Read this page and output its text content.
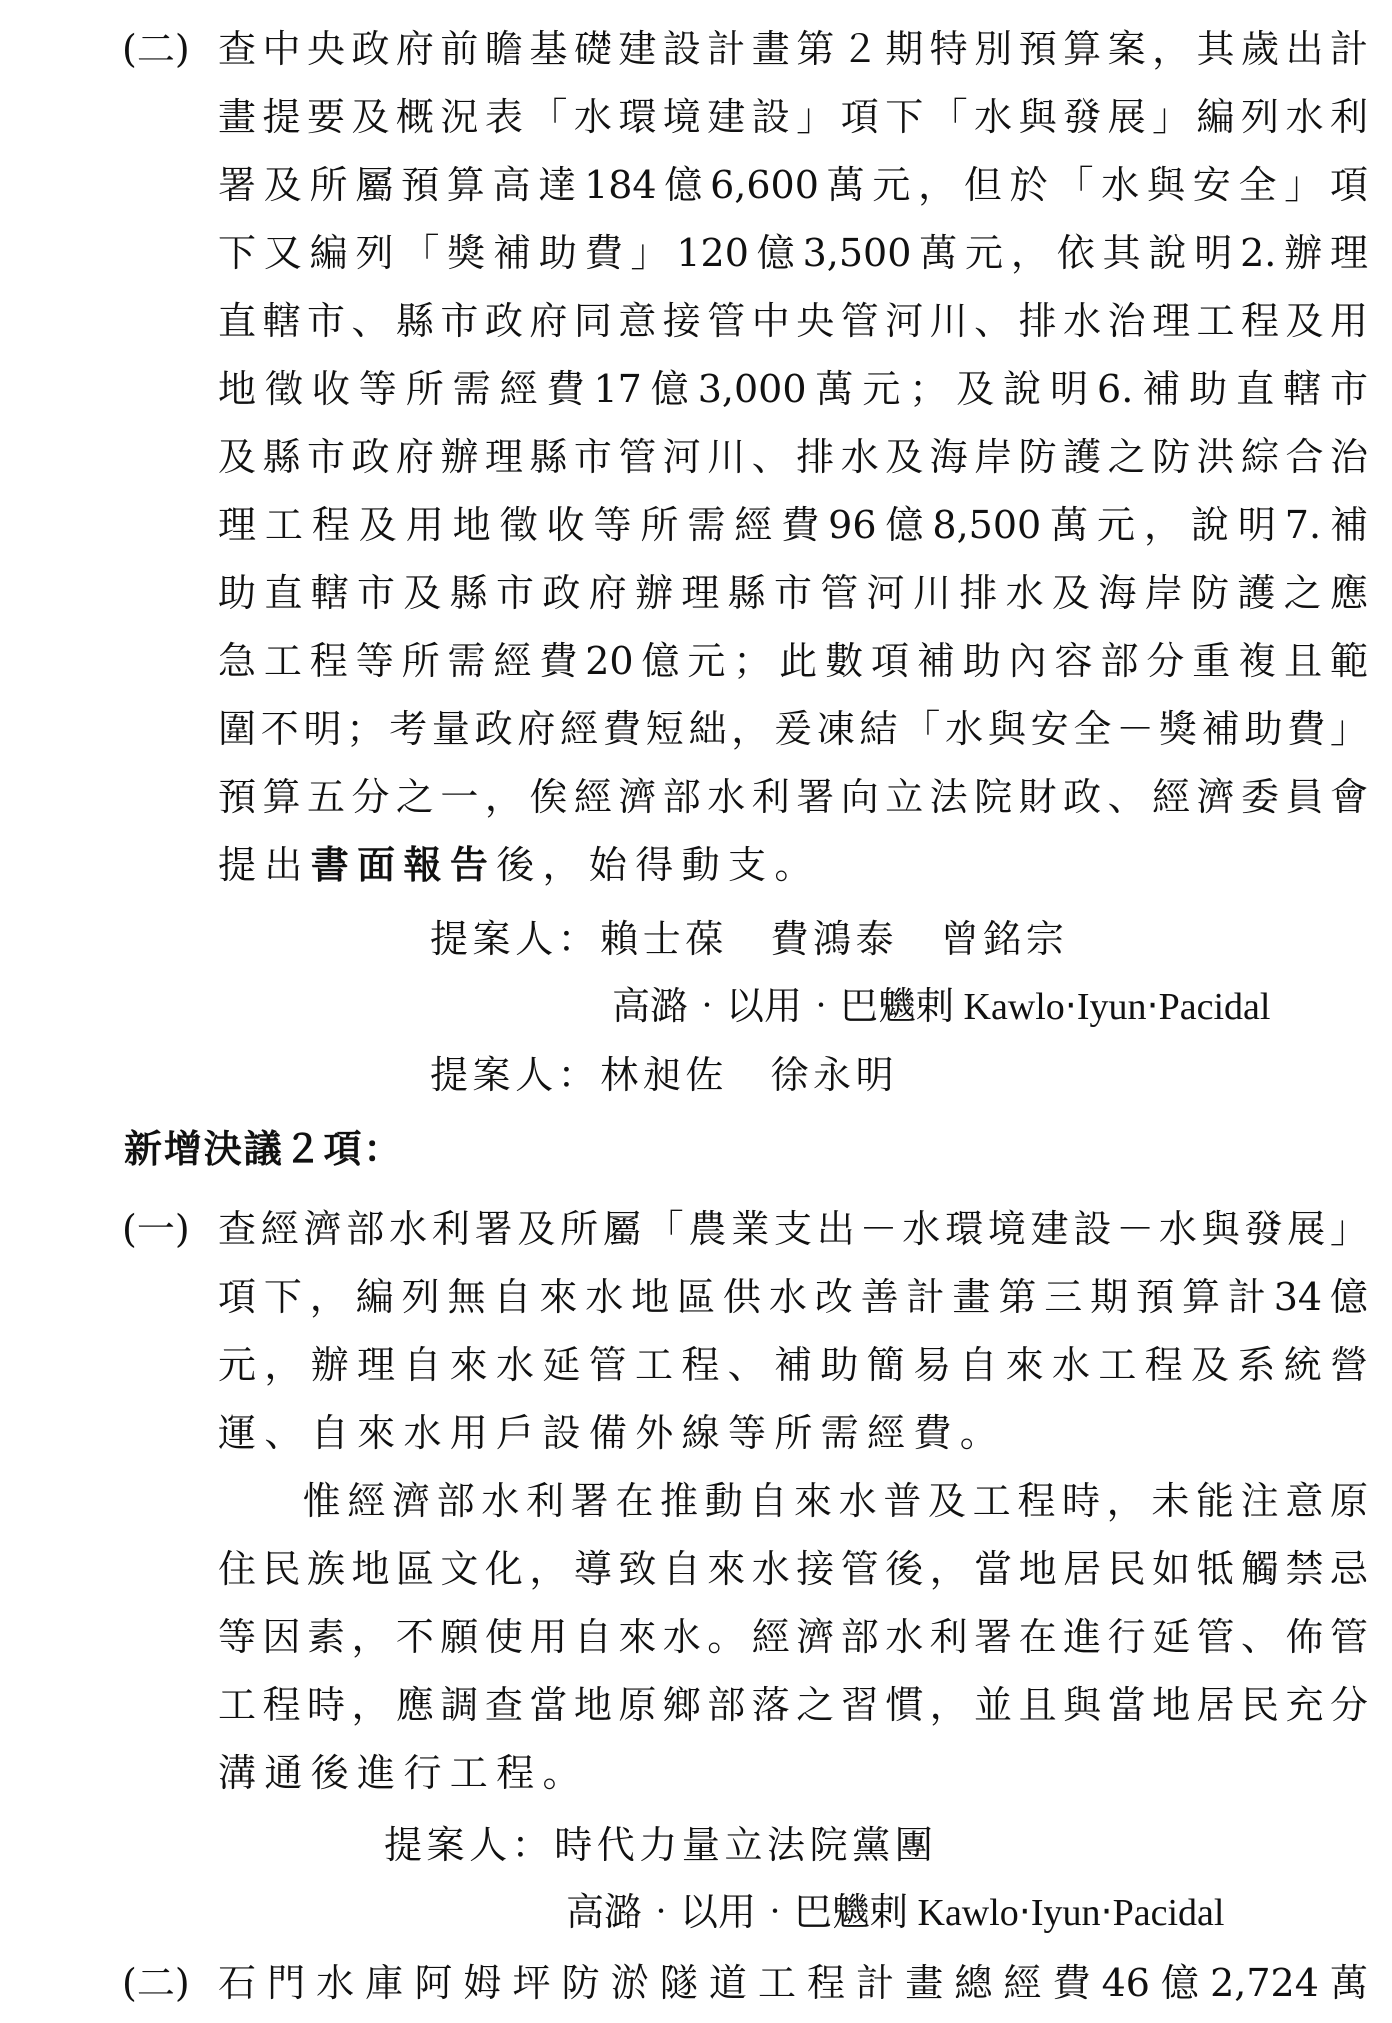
(二) 查中央政府前瞻基礎建設計畫第２期特別預算案，其歲出計
畫提要及概況表「水環境建設」項下「水與發展」編列水利
署及所屬預算高達184億6,600萬元，但於「水與安全」項
下又編列「獎補助費」120億3,500萬元，依其說明2.辦理
直轄市、縣市政府同意接管中央管河川、排水治理工程及用
地徵收等所需經費17億3,000萬元；及說明6.補助直轄市
及縣市政府辦理縣市管河川、排水及海岸防護之防洪綜合治
理工程及用地徵收等所需經費96億8,500萬元，說明7.補
助直轄市及縣市政府辦理縣市管河川排水及海岸防護之應
急工程等所需經費20億元；此數項補助內容部分重複且範
圍不明；考量政府經費短絀，爰凍結「水與安全－獎補助費」
預算五分之一，俟經濟部水利署向立法院財政、經濟委員會
提出書面報告後，始得動支。
提案人：賴士葆　費鴻泰　曾銘宗
高潞‧以用‧巴魕剌 Kawlo‧Iyun‧Pacidal
提案人：林昶佐　徐永明
新增決議２項：
(一) 查經濟部水利署及所屬「農業支出－水環境建設－水與發展」
項下，編列無自來水地區供水改善計畫第三期預算計34億
元，辦理自來水延管工程、補助簡易自來水工程及系統營
運、自來水用戶設備外線等所需經費。
　惟經濟部水利署在推動自來水普及工程時，未能注意原
住民族地區文化，導致自來水接管後，當地居民如牴觸禁忌
等因素，不願使用自來水。經濟部水利署在進行延管、佈管
工程時，應調查當地原鄉部落之習慣，並且與當地居民充分
溝通後進行工程。
提案人：時代力量立法院黨團
高潞‧以用‧巴魕剌 Kawlo‧Iyun‧Pacidal
(二) 石門水庫阿姆坪防淤隧道工程計畫總經費46億2,724萬
